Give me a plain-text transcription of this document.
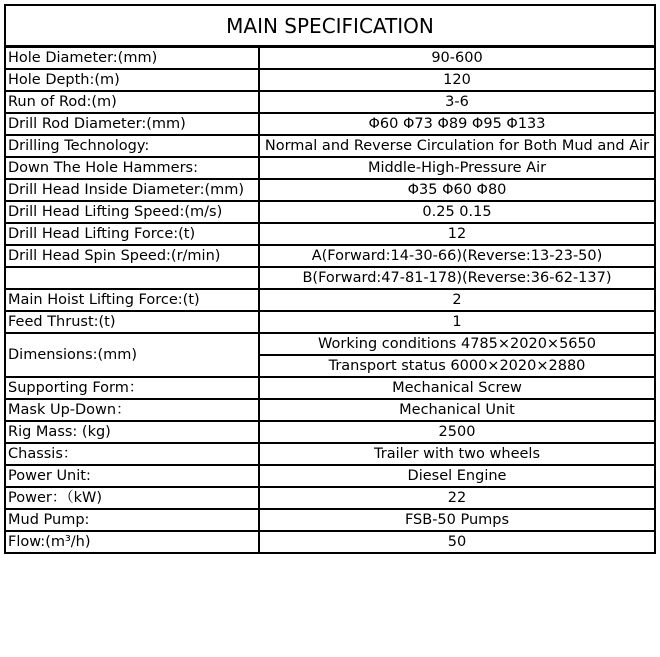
MAIN SPECIFICATION	
Hole Diameter:(mm)	90-600
Hole Depth:(m)	120
Run of Rod:(m)	3-6
Drill Rod Diameter:(mm)	Φ60 Φ73 Φ89 Φ95 Φ133
Drilling Technology:	Normal and Reverse Circulation for Both Mud and Air
Down The Hole Hammers:	Middle-High-Pressure Air
Drill Head Inside Diameter:(mm)	Φ35 Φ60 Φ80
Drill Head Lifting Speed:(m/s)	0.25 0.15
Drill Head Lifting Force:(t)	12
Drill Head Spin Speed:(r/min)	A(Forward:14-30-66)(Reverse:13-23-50)
	B(Forward:47-81-178)(Reverse:36-62-137)
Main Hoist Lifting Force:(t)	2
Feed Thrust:(t)	1
Dimensions:(mm)	Working conditions 4785×2020×5650
	Transport status 6000×2020×2880
Supporting Form：	Mechanical Screw
Mask Up-Down：	Mechanical Unit
Rig Mass: (kg)	2500
Chassis：	Trailer with two wheels
Power Unit:	Diesel Engine
Power：（kW)	22
Mud Pump:	FSB-50 Pumps
Flow:(m³/h)	50
